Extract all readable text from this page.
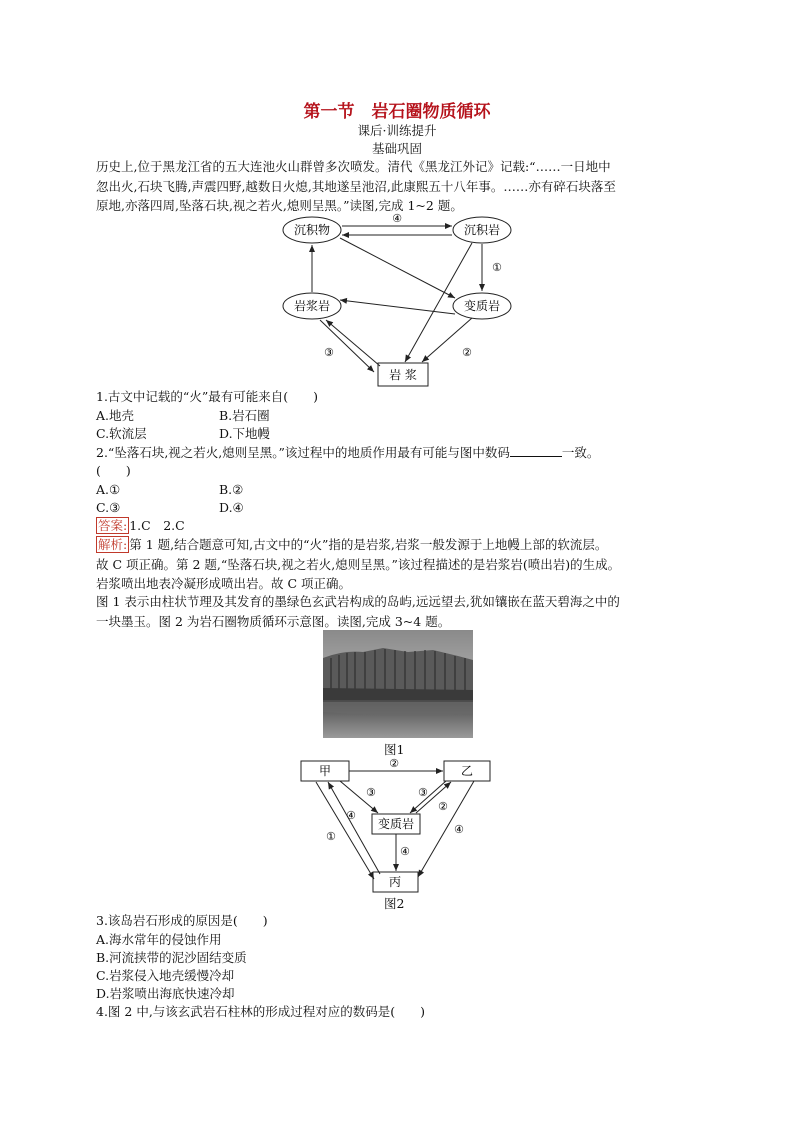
第一节　岩石圈物质循环
课后·训练提升
基础巩固
历史上,位于黑龙江省的五大连池火山群曾多次喷发。清代《黑龙江外记》记载:“……一日地中
忽出火,石块飞腾,声震四野,越数日火熄,其地遂呈池沼,此康熙五十八年事。……亦有碎石块落至
原地,亦落四周,坠落石块,视之若火,熄则呈黑。”读图,完成 1~2 题。
沉积物	沉积岩
岩浆岩	变质岩
岩 浆
④
①
②
③
1.古文中记载的“火”最有可能来自(　　)
A.地壳	B.岩石圈
C.软流层	D.下地幔
2.“坠落石块,视之若火,熄则呈黑。”该过程中的地质作用最有可能与图中数码	一致。
(　　)
A.①	B.②
C.③	D.④
答案: 1.C　2.C
解析: 第 1 题,结合题意可知,古文中的“火”指的是岩浆,岩浆一般发源于上地幔上部的软流层。
故 C 项正确。第 2 题,“坠落石块,视之若火,熄则呈黑。”该过程描述的是岩浆岩(喷出岩)的生成。
岩浆喷出地表冷凝形成喷出岩。故 C 项正确。
图 1 表示由柱状节理及其发育的墨绿色玄武岩构成的岛屿,远远望去,犹如镶嵌在蓝天碧海之中的
一块墨玉。图 2 为岩石圈物质循环示意图。读图,完成 3~4 题。
图1
甲	乙
变质岩
丙
②
③	③
②
④
④
④
①
图2
3.该岛岩石形成的原因是(　　)
A.海水常年的侵蚀作用
B.河流挟带的泥沙固结变质
C.岩浆侵入地壳缓慢冷却
D.岩浆喷出海底快速冷却
4.图 2 中,与该玄武岩石柱林的形成过程对应的数码是(　　)
